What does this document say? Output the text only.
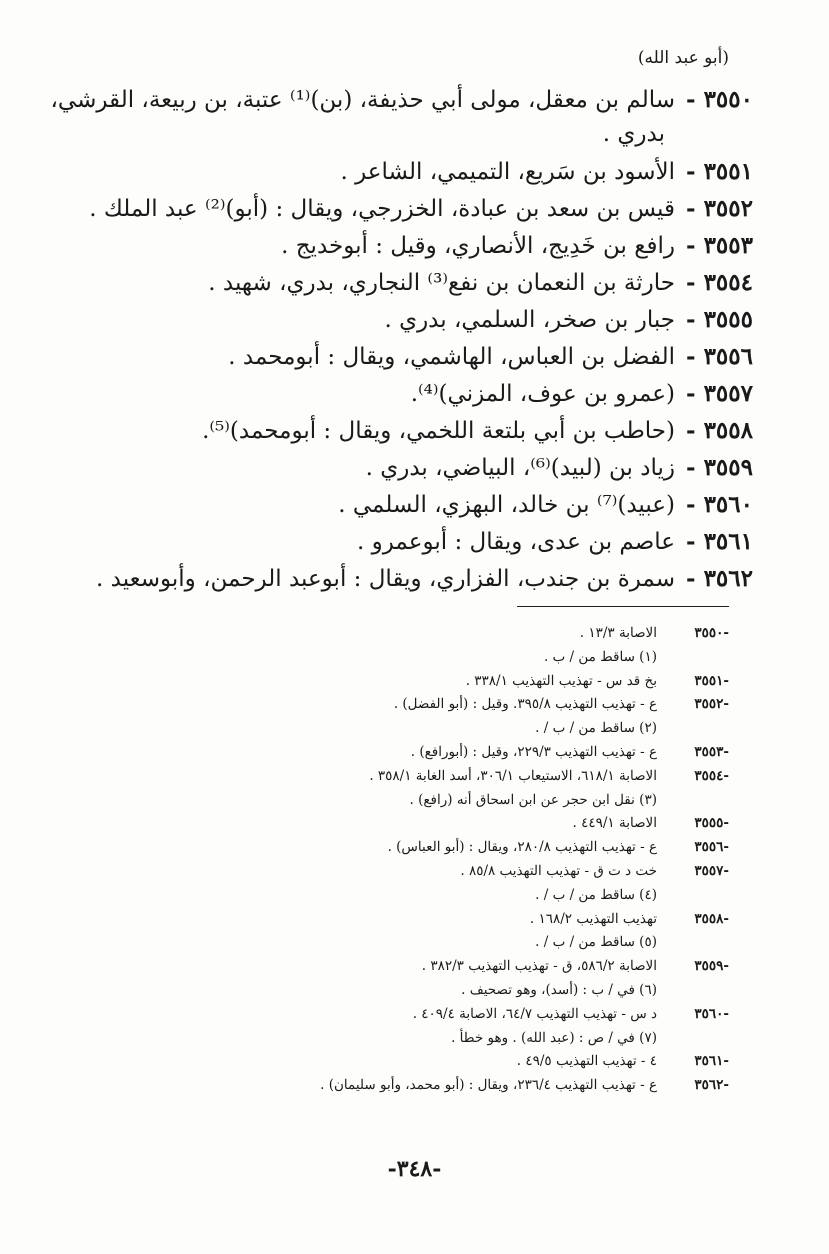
(أبو عبد الله)
٣٥٥٠ -
سالم بن معقل، مولى أبي حذيفة، (بن)⁽¹⁾ عتبة، بن ربيعة، القرشي،
بدري .
٣٥٥١ -
الأسود بن سَريع، التميمي، الشاعر .
٣٥٥٢ -
قيس بن سعد بن عبادة، الخزرجي، ويقال : (أبو)⁽²⁾ عبد الملك .
٣٥٥٣ -
رافع بن خَدِيج، الأنصاري، وقيل : أبوخديج .
٣٥٥٤ -
حارثة بن النعمان بن نفع⁽³⁾ النجاري، بدري، شهيد .
٣٥٥٥ -
جبار بن صخر، السلمي، بدري .
٣٥٥٦ -
الفضل بن العباس، الهاشمي، ويقال : أبومحمد .
٣٥٥٧ -
(عمرو بن عوف، المزني)⁽⁴⁾.
٣٥٥٨ -
(حاطب بن أبي بلتعة اللخمي، ويقال : أبومحمد)⁽⁵⁾.
٣٥٥٩ -
زياد بن (لبيد)⁽⁶⁾، البياضي، بدري .
٣٥٦٠ -
(عبيد)⁽⁷⁾ بن خالد، البهزي، السلمي .
٣٥٦١ -
عاصم بن عدى، ويقال : أبوعمرو .
٣٥٦٢ -
سمرة بن جندب، الفزاري، ويقال : أبوعبد الرحمن، وأبوسعيد .
-٣٥٥٠
الاصابة ١٣/٣ .
(١) ساقط من / ب .
-٣٥٥١
بخ قد س - تهذيب التهذيب ٣٣٨/١ .
-٣٥٥٢
ع - تهذيب التهذيب ٣٩٥/٨. وقيل : (أبو الفضل) .
(٢) ساقط من / ب / .
-٣٥٥٣
ع - تهذيب التهذيب ٢٢٩/٣، وقيل : (أبورافع) .
-٣٥٥٤
الاصابة ٦١٨/١، الاستيعاب ٣٠٦/١، أسد الغابة ٣٥٨/١ .
(٣) نقل ابن حجر عن ابن اسحاق أنه (رافع) .
-٣٥٥٥
الاصابة ٤٤٩/١ .
-٣٥٥٦
ع - تهذيب التهذيب ٢٨٠/٨، ويقال : (أبو العباس) .
-٣٥٥٧
خت د ت ق - تهذيب التهذيب ٨٥/٨ .
(٤) ساقط من / ب / .
-٣٥٥٨
تهذيب التهذيب ١٦٨/٢ .
(٥) ساقط من / ب / .
-٣٥٥٩
الاصابة ٥٨٦/٢، ق - تهذيب التهذيب ٣٨٢/٣ .
(٦) في / ب : (أسد)، وهو تصحيف .
-٣٥٦٠
د س - تهذيب التهذيب ٦٤/٧، الاصابة ٤٠٩/٤ .
(٧) في / ص : (عبد الله) . وهو خطأ .
-٣٥٦١
٤ - تهذيب التهذيب ٤٩/٥ .
-٣٥٦٢
ع - تهذيب التهذيب ٢٣٦/٤، ويقال : (أبو محمد، وأبو سليمان) .
-٣٤٨-
